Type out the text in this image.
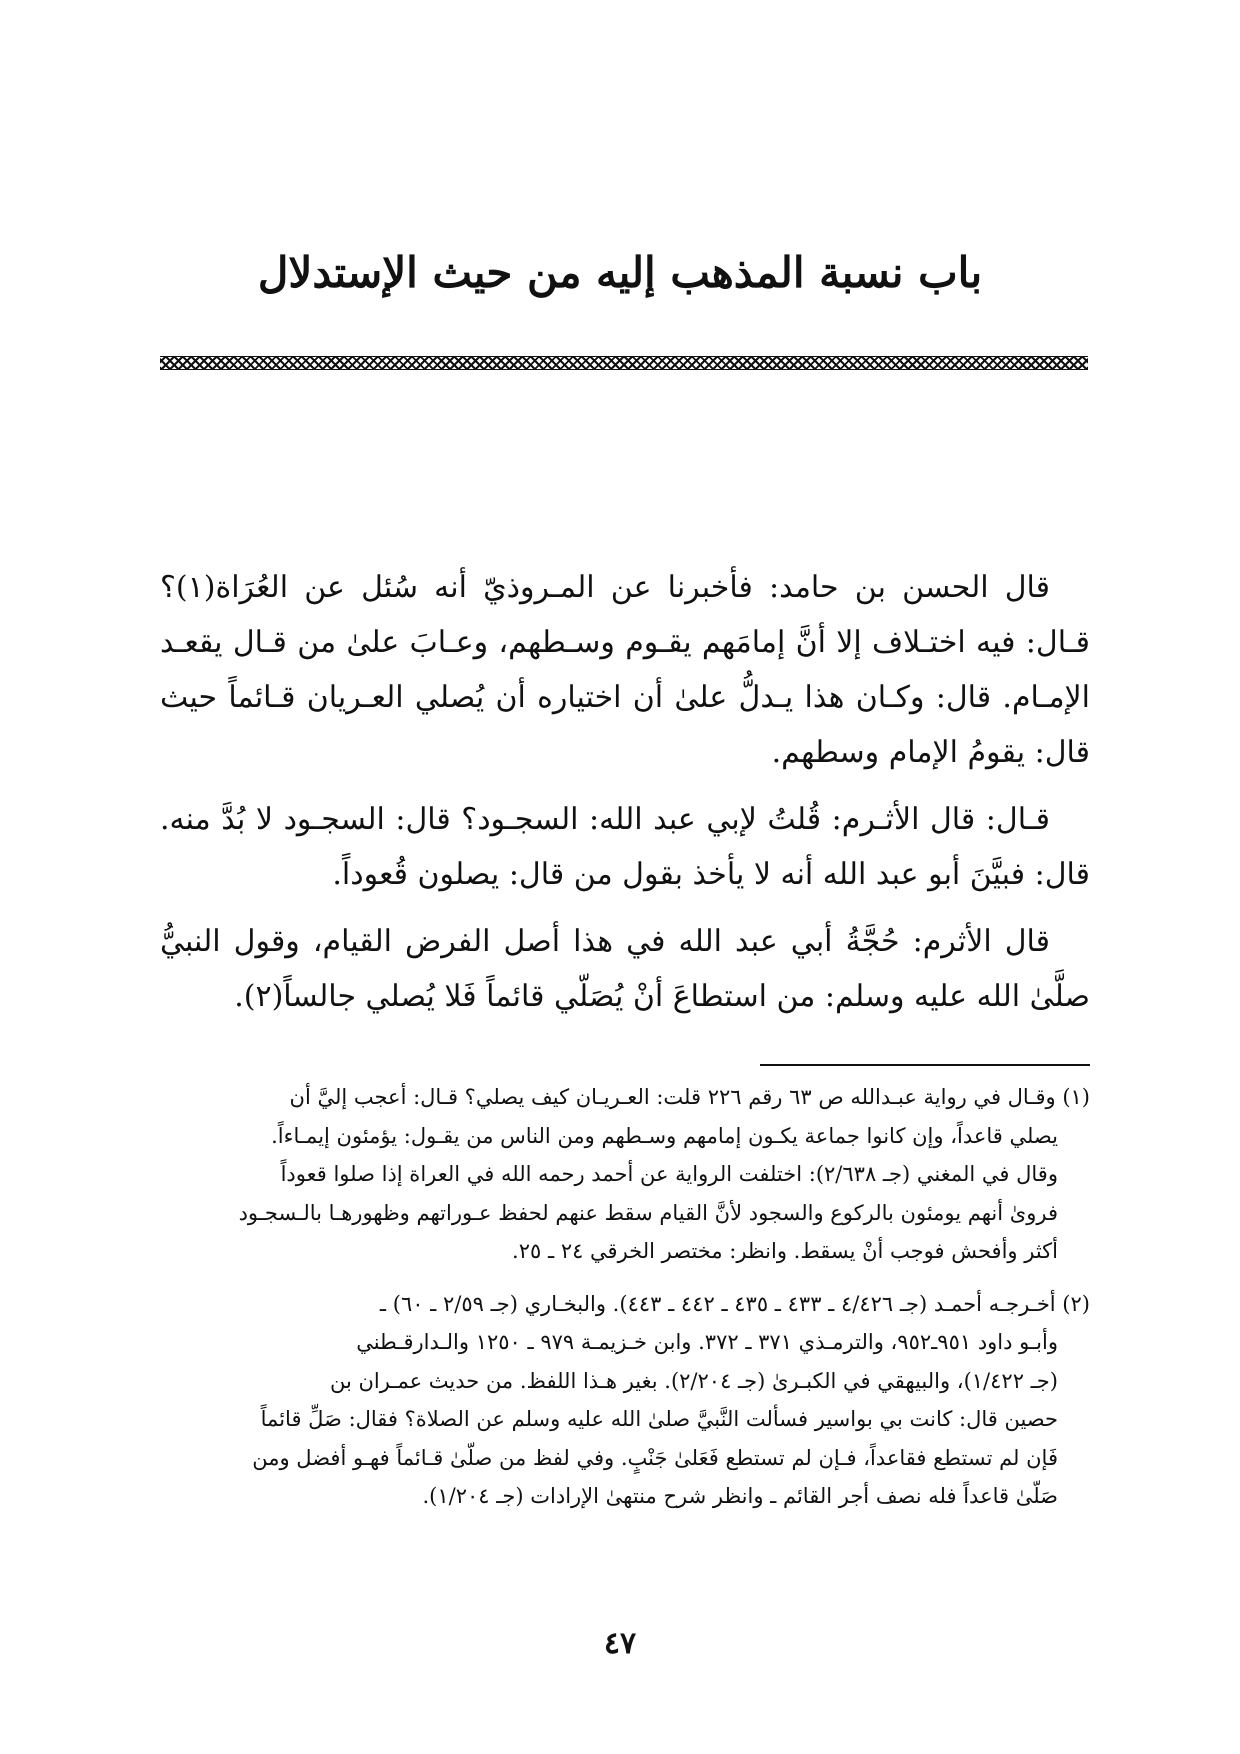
باب نسبة المذهب إليه من حيث الإستدلال

قال الحسن بن حامد: فأخبرنا عن المـروذيّ أنه سُئل عن العُرَاة(١)؟ قـال: فيه اختـلاف إلا أنَّ إمامَهم يقـوم وسـطهم، وعـابَ علىٰ من قـال يقعـد الإمـام. قال: وكـان هذا يـدلُّ علىٰ أن اختياره أن يُصلي العـريان قـائماً حيث قال: يقومُ الإمام وسطهم.

قـال: قال الأثـرم: قُلتُ لإبي عبد الله: السجـود؟ قال: السجـود لا بُدَّ منه. قال: فبيَّنَ أبو عبد الله أنه لا يأخذ بقول من قال: يصلون قُعوداً.

قال الأثرم: حُجَّةُ أبي عبد الله في هذا أصل الفرض القيام، وقول النبيُّ صلَّىٰ الله عليه وسلم: من استطاعَ أنْ يُصَلّي قائماً فَلا يُصلي جالساً(٢).

(١) وقـال في رواية عبـدالله ص ٦٣ رقم ٢٢٦ قلت: العـريـان كيف يصلي؟ قـال: أعجب إليَّ أن
يصلي قاعداً، وإن كانوا جماعة يكـون إمامهم وسـطهم ومن الناس من يقـول: يؤمئون إيمـاءاً.
وقال في المغني (جـ ٢/٦٣٨): اختلفت الرواية عن أحمد رحمه الله في العراة إذا صلوا قعوداً
فروىٰ أنهم يومئون بالركوع والسجود لأنَّ القيام سقط عنهم لحفظ عـوراتهم وظهورهـا بالـسجـود
أكثر وأفحش فوجب أنْ يسقط. وانظر: مختصر الخرقي ٢٤ ـ ٢٥.
(٢) أخـرجـه أحمـد (جـ ٤/٤٢٦ ـ ٤٣٣ ـ ٤٣٥ ـ ٤٤٢ ـ ٤٤٣). والبخـاري (جـ ٢/٥٩ ـ ٦٠) ـ
وأبـو داود ٩٥١ـ٩٥٢، والترمـذي ٣٧١ ـ ٣٧٢. وابن خـزيمـة ٩٧٩ ـ ١٢٥٠ والـدارقـطني
(جـ ١/٤٢٢)، والبيهقي في الكبـرىٰ (جـ ٢/٢٠٤). بغير هـذا اللفظ. من حديث عمـران بن
حصين قال: كانت بي بواسير فسألت النَّبيَّ صلىٰ الله عليه وسلم عن الصلاة؟ فقال: صَلِّ قائماً
فَإن لم تستطع فقاعداً، فـإن لم تستطع فَعَلىٰ جَنْبٍ. وفي لفظ من صلّىٰ قـائماً فهـو أفضل ومن
صَلّىٰ قاعداً فله نصف أجر القائم ـ وانظر شرح منتهىٰ الإرادات (جـ ١/٢٠٤).

٤٧
